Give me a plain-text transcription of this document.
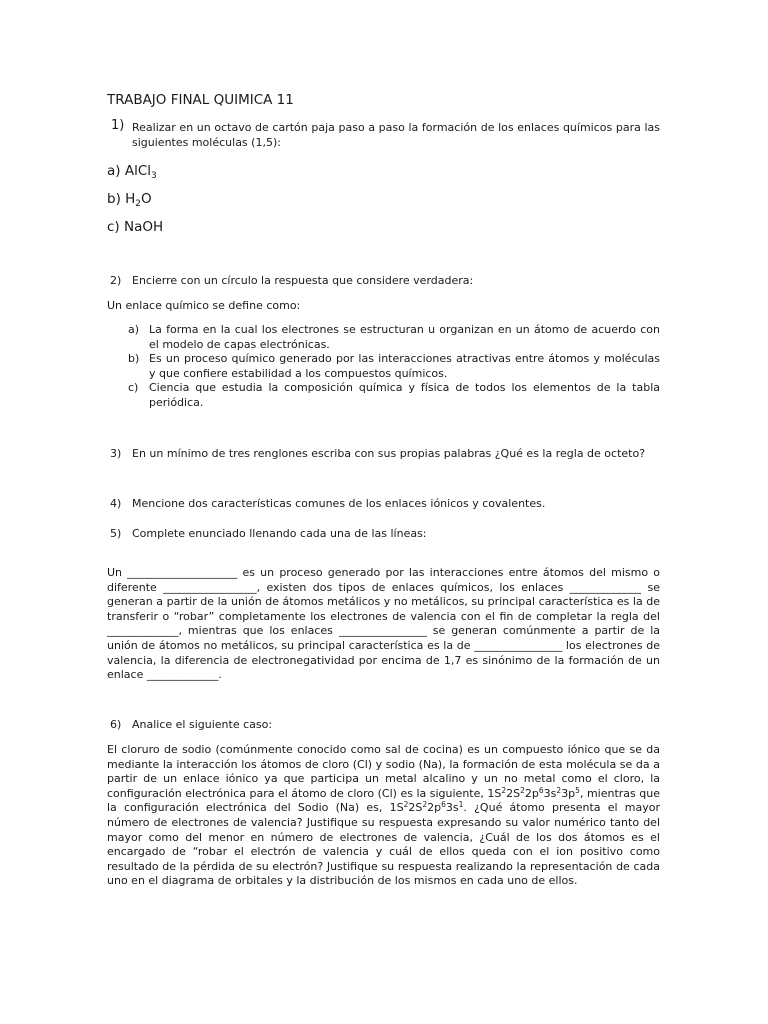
TRABAJO FINAL QUIMICA 11
1) Realizar en un octavo de cartón paja paso a paso la formación de los enlaces químicos para las siguientes moléculas (1,5):
a) AlCl$_3$
b) $H_2O$
c) NaOH
2) Encierre con un círculo la respuesta que considere verdadera:
Un enlace químico se define como:
a) La forma en la cual los electrones se estructuran u organizan en un átomo de acuerdo con el modelo de capas electrónicas.
b) Es un proceso químico generado por las interacciones atractivas entre átomos y moléculas y que confiere estabilidad a los compuestos químicos.
c) Ciencia que estudia la composición química y física de todos los elementos de la tabla periódica.
3) En un mínimo de tres renglones escriba con sus propias palabras ¿Qué es la regla de octeto?
4) Mencione dos características comunes de los enlaces iónicos y covalentes.
5) Complete enunciado llenando cada una de las líneas:
Un ____________________ es un proceso generado por las interacciones entre átomos del mismo o diferente _________________, existen dos tipos de enlaces químicos, los enlaces _____________ se generan a partir de la unión de átomos metálicos y no metálicos, su principal característica es la de transferir o “robar” completamente los electrones de valencia con el fin de completar la regla del _____________, mientras que los enlaces ________________ se generan comúnmente a partir de la unión de átomos no metálicos, su principal característica es la de ________________ los electrones de valencia, la diferencia de electronegatividad por encima de 1,7 es sinónimo de la formación de un enlace _____________.
6) Analice el siguiente caso:
El cloruro de sodio (comúnmente conocido como sal de cocina) es un compuesto iónico que se da mediante la interacción los átomos de cloro (Cl) y sodio (Na), la formación de esta molécula se da a partir de un enlace iónico ya que participa un metal alcalino y un no metal como el cloro, la configuración electrónica para el átomo de cloro (Cl) es la siguiente, $1S^22S^22p^63s^23p^5$, mientras que la configuración electrónica del Sodio (Na) es, $1S^22S^22p^63s^1$. ¿Qué átomo presenta el mayor número de electrones de valencia? Justifique su respuesta expresando su valor numérico tanto del mayor como del menor en número de electrones de valencia, ¿Cuál de los dos átomos es el encargado de “robar el electrón de valencia y cuál de ellos queda con el ion positivo como resultado de la pérdida de su electrón? Justifique su respuesta realizando la representación de cada uno en el diagrama de orbitales y la distribución de los mismos en cada uno de ellos.
